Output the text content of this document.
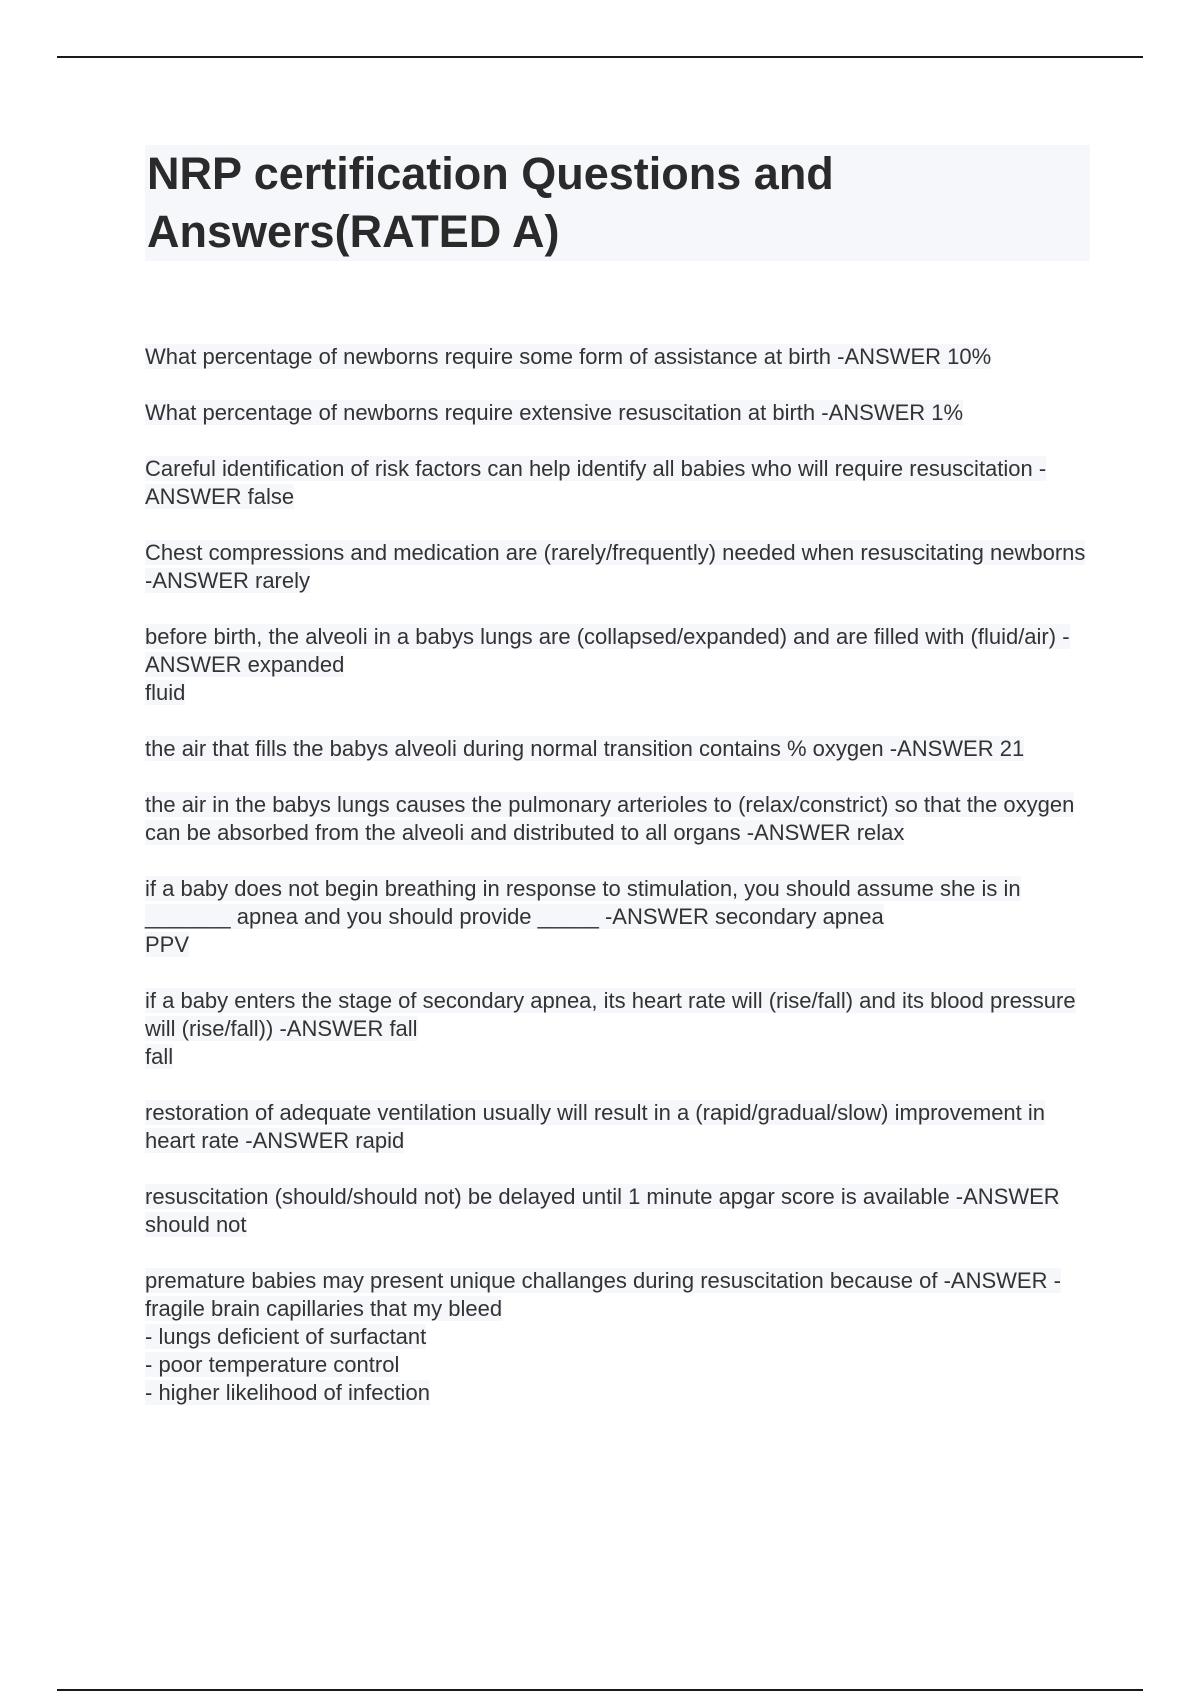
NRP certification Questions and Answers(RATED A)
What percentage of newborns require some form of assistance at birth -ANSWER 10%
What percentage of newborns require extensive resuscitation at birth -ANSWER 1%
Careful identification of risk factors can help identify all babies who will require resuscitation -ANSWER false
Chest compressions and medication are (rarely/frequently) needed when resuscitating newborns -ANSWER rarely
before birth, the alveoli in a babys lungs are (collapsed/expanded) and are filled with (fluid/air) -ANSWER expanded
fluid
the air that fills the babys alveoli during normal transition contains % oxygen -ANSWER 21
the air in the babys lungs causes the pulmonary arterioles to (relax/constrict) so that the oxygen can be absorbed from the alveoli and distributed to all organs -ANSWER relax
if a baby does not begin breathing in response to stimulation, you should assume she is in _______ apnea and you should provide _____ -ANSWER secondary apnea
PPV
if a baby enters the stage of secondary apnea, its heart rate will (rise/fall) and its blood pressure will (rise/fall)) -ANSWER fall
fall
restoration of adequate ventilation usually will result in a (rapid/gradual/slow) improvement in heart rate -ANSWER rapid
resuscitation (should/should not) be delayed until 1 minute apgar score is available -ANSWER should not
premature babies may present unique challanges during resuscitation because of -ANSWER - fragile brain capillaries that my bleed
- lungs deficient of surfactant
- poor temperature control
- higher likelihood of infection
